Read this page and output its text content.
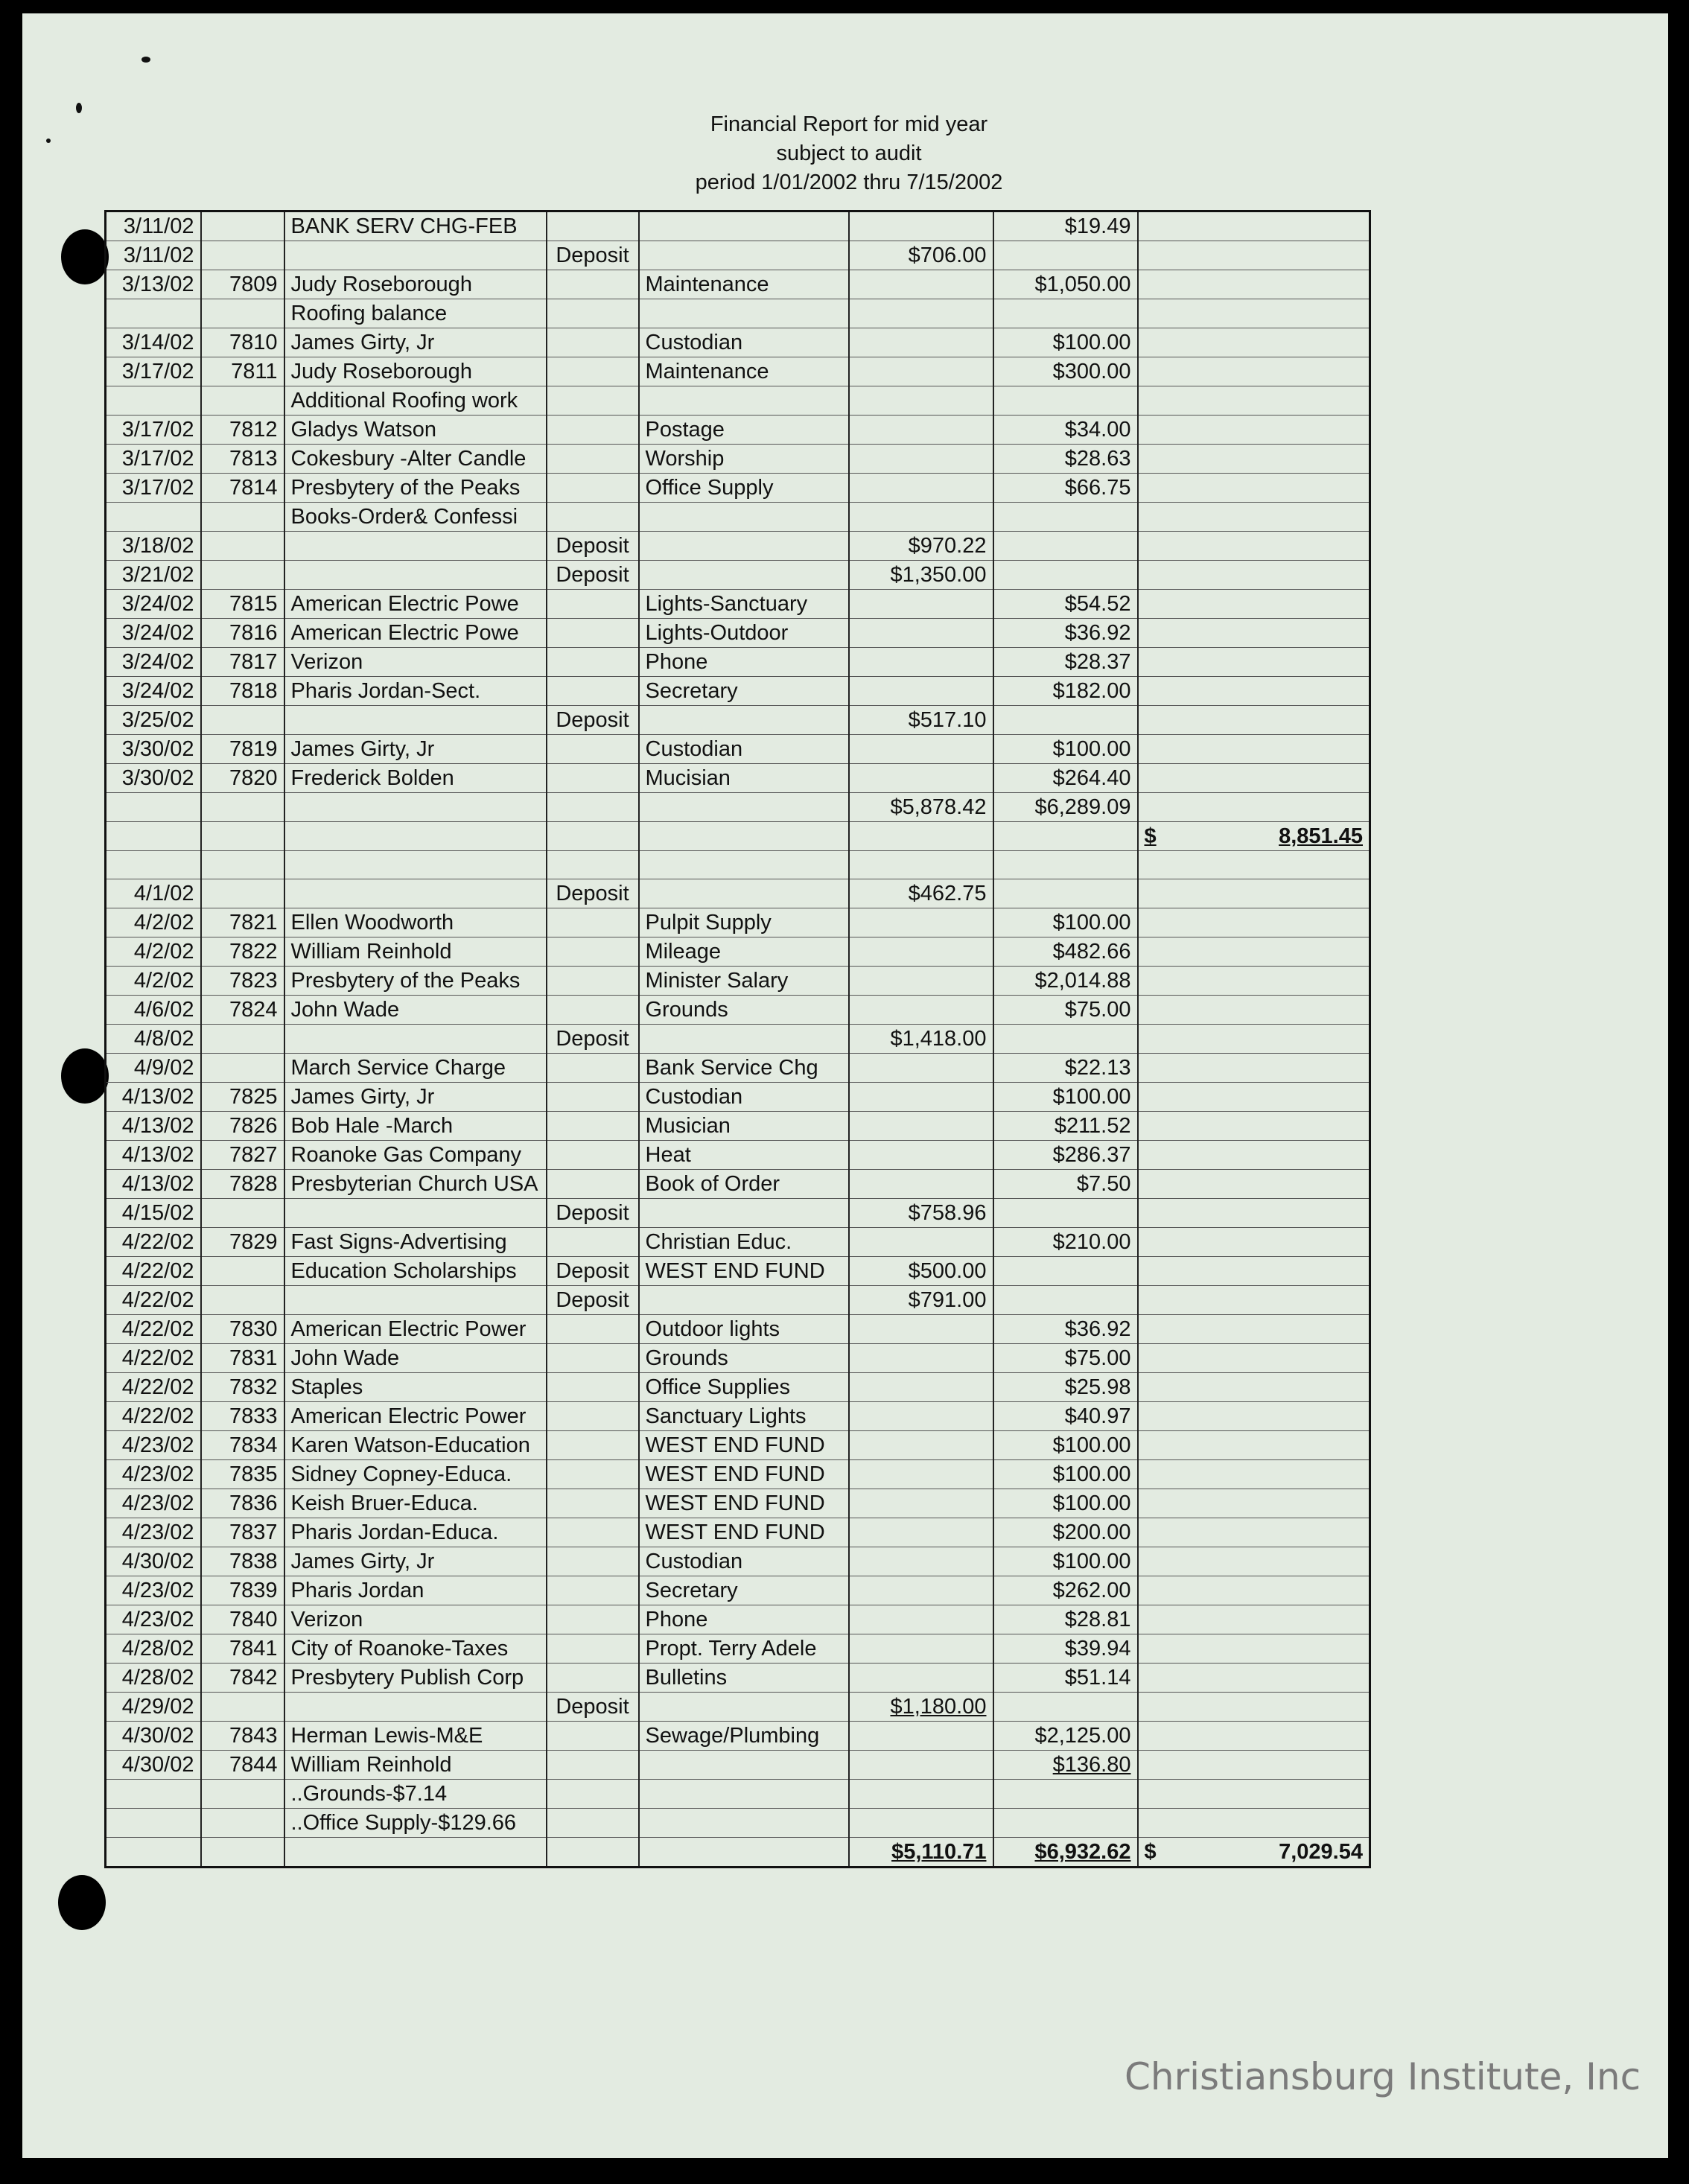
Financial Report for mid year
subject to audit
period 1/01/2002 thru 7/15/2002
3/11/02		BANK SERV CHG-FEB				$19.49	
3/11/02			Deposit		$706.00		
3/13/02	7809	Judy Roseborough		Maintenance		$1,050.00	
		Roofing balance					
3/14/02	7810	James Girty, Jr		Custodian		$100.00	
3/17/02	7811	Judy Roseborough		Maintenance		$300.00	
		Additional Roofing work					
3/17/02	7812	Gladys Watson		Postage		$34.00	
3/17/02	7813	Cokesbury -Alter Candle		Worship		$28.63	
3/17/02	7814	Presbytery of the Peaks		Office Supply		$66.75	
		Books-Order& Confessi					
3/18/02			Deposit		$970.22		
3/21/02			Deposit		$1,350.00		
3/24/02	7815	American Electric Powe		Lights-Sanctuary		$54.52	
3/24/02	7816	American Electric Powe		Lights-Outdoor		$36.92	
3/24/02	7817	Verizon		Phone		$28.37	
3/24/02	7818	Pharis Jordan-Sect.		Secretary		$182.00	
3/25/02			Deposit		$517.10		
3/30/02	7819	James Girty, Jr		Custodian		$100.00	
3/30/02	7820	Frederick Bolden		Mucisian		$264.40	
					$5,878.42	$6,289.09	

							$ 8,851.45

4/1/02			Deposit		$462.75		
4/2/02	7821	Ellen Woodworth		Pulpit Supply		$100.00	
4/2/02	7822	William Reinhold		Mileage		$482.66	
4/2/02	7823	Presbytery of the Peaks		Minister Salary		$2,014.88	
4/6/02	7824	John Wade		Grounds		$75.00	
4/8/02			Deposit		$1,418.00		
4/9/02		March Service Charge		Bank Service Chg		$22.13	
4/13/02	7825	James Girty, Jr		Custodian		$100.00	
4/13/02	7826	Bob Hale -March		Musician		$211.52	
4/13/02	7827	Roanoke Gas Company		Heat		$286.37	
4/13/02	7828	Presbyterian Church USA		Book of Order		$7.50	
4/15/02			Deposit		$758.96		
4/22/02	7829	Fast Signs-Advertising		Christian Educ.		$210.00	
4/22/02		Education Scholarships	Deposit	WEST END FUND	$500.00		
4/22/02			Deposit		$791.00		
4/22/02	7830	American Electric Power		Outdoor lights		$36.92	
4/22/02	7831	John Wade		Grounds		$75.00	
4/22/02	7832	Staples		Office Supplies		$25.98	
4/22/02	7833	American Electric Power		Sanctuary Lights		$40.97	
4/23/02	7834	Karen Watson-Education		WEST END FUND		$100.00	
4/23/02	7835	Sidney Copney-Educa.		WEST END FUND		$100.00	
4/23/02	7836	Keish Bruer-Educa.		WEST END FUND		$100.00	
4/23/02	7837	Pharis Jordan-Educa.		WEST END FUND		$200.00	
4/30/02	7838	James Girty, Jr		Custodian		$100.00	
4/23/02	7839	Pharis Jordan		Secretary		$262.00	
4/23/02	7840	Verizon		Phone		$28.81	
4/28/02	7841	City of Roanoke-Taxes		Propt. Terry Adele		$39.94	
4/28/02	7842	Presbytery Publish Corp		Bulletins		$51.14	
4/29/02			Deposit		$1,180.00		
4/30/02	7843	Herman Lewis-M&E		Sewage/Plumbing		$2,125.00	
4/30/02	7844	William Reinhold				$136.80	
		..Grounds-$7.14					
		..Office Supply-$129.66					
					$5,110.71	$6,932.62	$ 7,029.54
Christiansburg Institute, Inc
